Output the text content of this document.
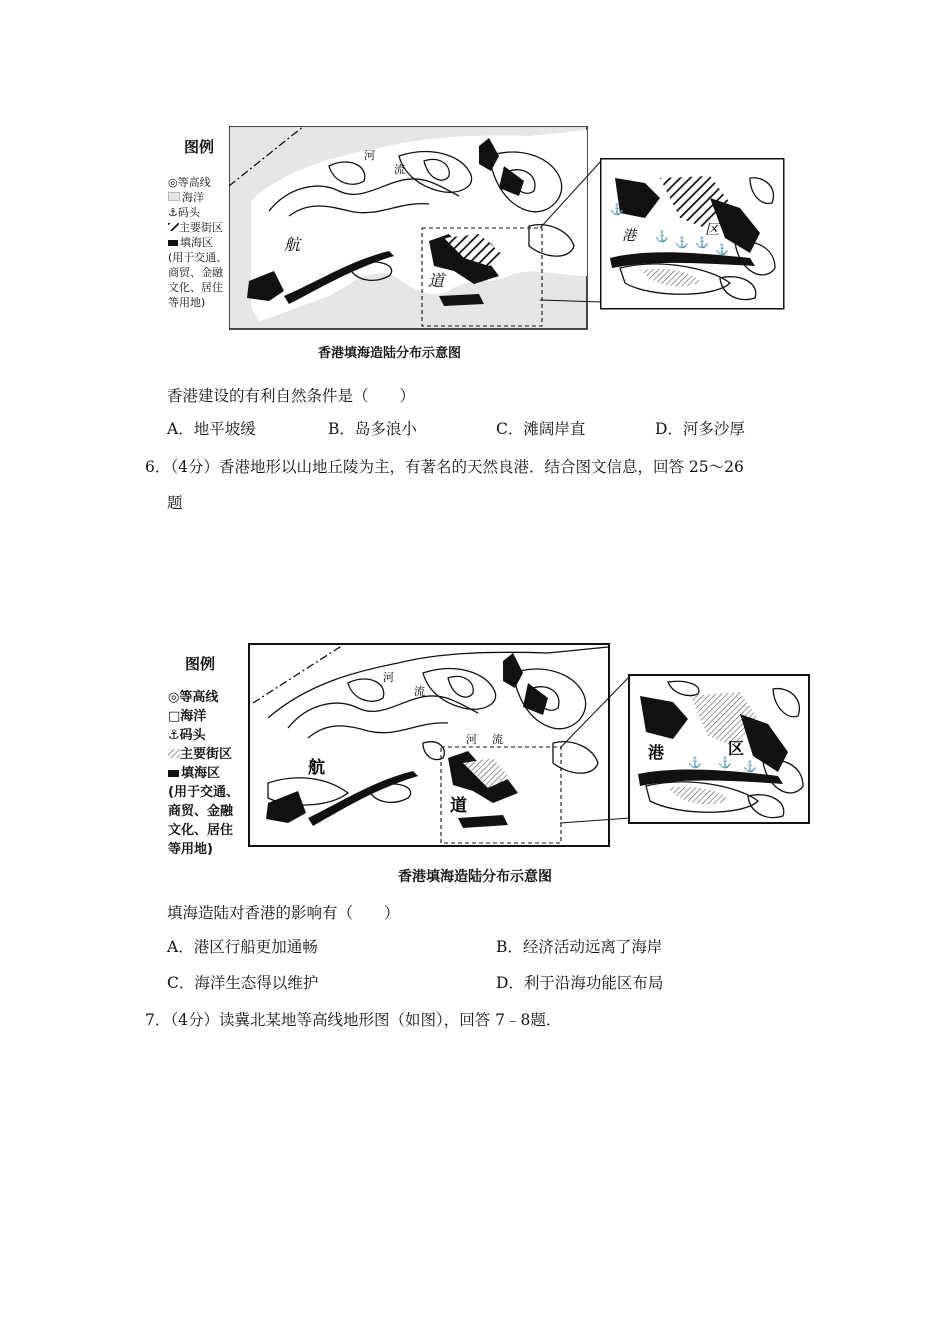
图例
◎等高线
海洋
⚓码头
主要街区
填海区
(用于交通、
商贸、金融
文化、居住
等用地)
河
流
航
道
⚓
⚓ ⚓ ⚓
⚓
港	区
香港填海造陆分布示意图
香港建设的有利自然条件是（　　）
A．地平坡缓	B．岛多浪小	C．滩阔岸直	D．河多沙厚
6．（4分）香港地形以山地丘陵为主，有著名的天然良港．结合图文信息，回答 25～26
题
图例
◎等高线
□海洋
⚓码头
主要街区
填海区
(用于交通、
商贸、金融
文化、居住
等用地)
河
流
河 流
航
道
⚓ ⚓ ⚓
港	区
香港填海造陆分布示意图
填海造陆对香港的影响有（　　）
A．港区行船更加通畅	B．经济活动远离了海岸
C．海洋生态得以维护	D．利于沿海功能区布局
7．（4分）读冀北某地等高线地形图（如图），回答 7﹣8题．
